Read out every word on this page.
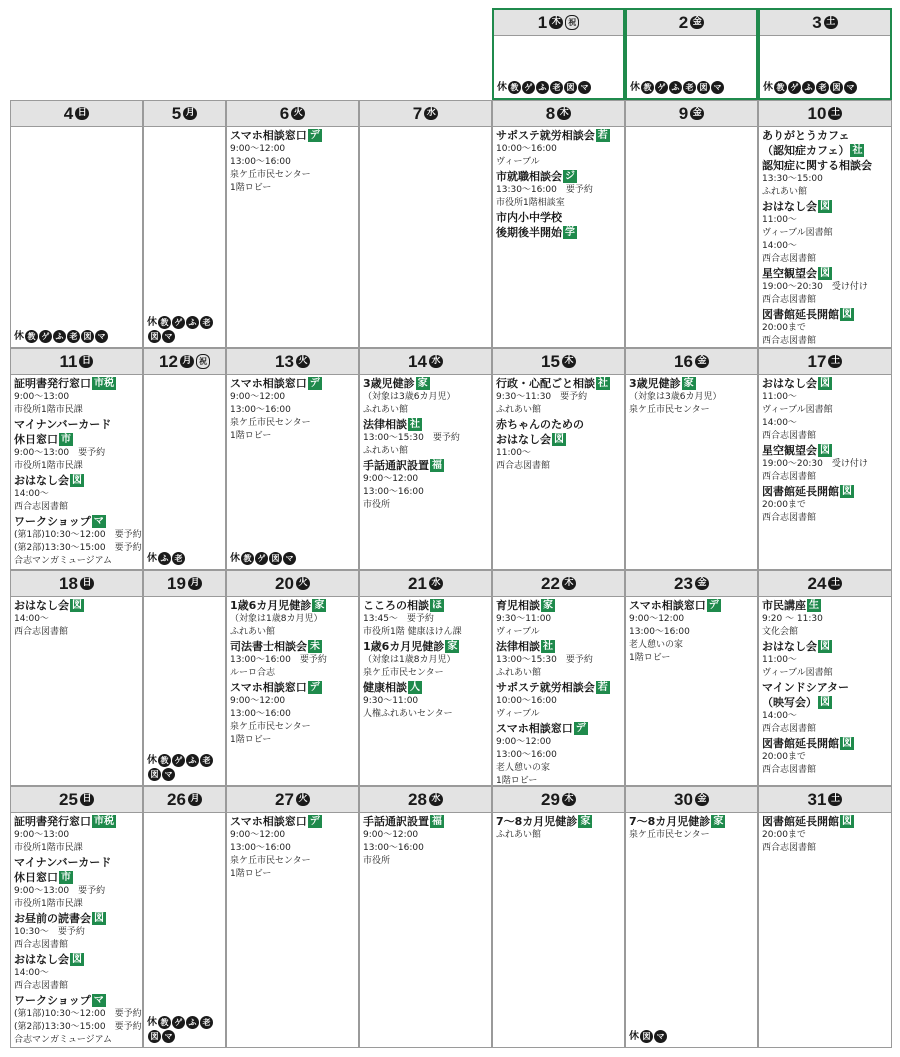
1 木 祝
休 教 ゲ ふ 老 図 マ
2 金
休 教 ゲ ふ 老 図 マ
3 土
休 教 ゲ ふ 老 図 マ
4 日
休 教 ゲ ふ 老 図 マ
5 月
休 教 ゲ ふ 老図 マ
6 火
スマホ相談窓口 デ
9:00〜12:00
13:00〜16:00
泉ケ丘市民センター
1階ロビー
7 水	8 木
サポステ就労相談会 若
10:00〜16:00
ヴィーブル
市就職相談会 ジ
13:30〜16:00　要予約
市役所1階相談室
市内小中学校
後期後半開始 学
9 金	10 土
ありがとうカフェ
（認知症カフェ） 社
認知症に関する相談会
13:30〜15:00
ふれあい館
おはなし会 図
11:00〜
ヴィーブル図書館
14:00〜
西合志図書館
星空観望会 図
19:00〜20:30　受け付け
西合志図書館
図書館延長開館 図
20:00まで
西合志図書館
11 日
証明書発行窓口 市税
9:00〜13:00
市役所1階市民課
マイナンバーカード
休日窓口 市
9:00〜13:00　要予約
市役所1階市民課
おはなし会 図
14:00〜
西合志図書館
ワークショップ マ
(第1部)10:30〜12:00　要予約
(第2部)13:30〜15:00　要予約
合志マンガミュージアム
12 月 祝
休 ふ 老
13 火
スマホ相談窓口 デ
9:00〜12:00
13:00〜16:00
泉ケ丘市民センター
1階ロビー
休 教 ゲ 図 マ
14 水
3歳児健診 家
（対象は3歳6カ月児）
ふれあい館
法律相談 社
13:00〜15:30　要予約
ふれあい館
手話通訳設置 福
9:00〜12:00
13:00〜16:00
市役所
15 木
行政・心配ごと相談 社
9:30〜11:30　要予約
ふれあい館
赤ちゃんのための
おはなし会 図
11:00〜
西合志図書館
16 金
3歳児健診 家
（対象は3歳6カ月児）
泉ケ丘市民センター
17 土
おはなし会 図
11:00〜
ヴィーブル図書館
14:00〜
西合志図書館
星空観望会 図
19:00〜20:30　受け付け
西合志図書館
図書館延長開館 図
20:00まで
西合志図書館
18 日
おはなし会 図
14:00〜
西合志図書館
19 月
休 教 ゲ ふ 老図 マ
20 火
1歳6カ月児健診 家
（対象は1歳8カ月児）
ふれあい館
司法書士相談会 未
13:00〜16:00　要予約
ルーロ合志
スマホ相談窓口 デ
9:00〜12:00
13:00〜16:00
泉ケ丘市民センター
1階ロビー
21 水
こころの相談 ほ
13:45〜　要予約
市役所1階 健康ほけん課
1歳6カ月児健診 家
（対象は1歳8カ月児）
泉ケ丘市民センター
健康相談 人
9:30〜11:00
人権ふれあいセンター
22 木
育児相談 家
9:30〜11:00
ヴィーブル
法律相談 社
13:00〜15:30　要予約
ふれあい館
サポステ就労相談会 若
10:00〜16:00
ヴィーブル
スマホ相談窓口 デ
9:00〜12:00
13:00〜16:00
老人憩いの家
1階ロビー
23 金
スマホ相談窓口 デ
9:00〜12:00
13:00〜16:00
老人憩いの家
1階ロビー
24 土
市民講座 生
9:20 〜 11:30
文化会館
おはなし会 図
11:00〜
ヴィーブル図書館
マインドシアター
（映写会） 図
14:00〜
西合志図書館
図書館延長開館 図
20:00まで
西合志図書館
25 日
証明書発行窓口 市税
9:00〜13:00
市役所1階市民課
マイナンバーカード
休日窓口 市
9:00〜13:00　要予約
市役所1階市民課
お昼前の読書会 図
10:30〜　要予約
西合志図書館
おはなし会 図
14:00〜
西合志図書館
ワークショップ マ
(第1部)10:30〜12:00　要予約
(第2部)13:30〜15:00　要予約
合志マンガミュージアム
26 月
休 教 ゲ ふ 老図 マ
27 火
スマホ相談窓口 デ
9:00〜12:00
13:00〜16:00
泉ケ丘市民センター
1階ロビー
28 水
手話通訳設置 福
9:00〜12:00
13:00〜16:00
市役所
29 木
7〜8カ月児健診 家
ふれあい館
30 金
7〜8カ月児健診 家
泉ケ丘市民センター
休 図 マ
31 土
図書館延長開館 図
20:00まで
西合志図書館
